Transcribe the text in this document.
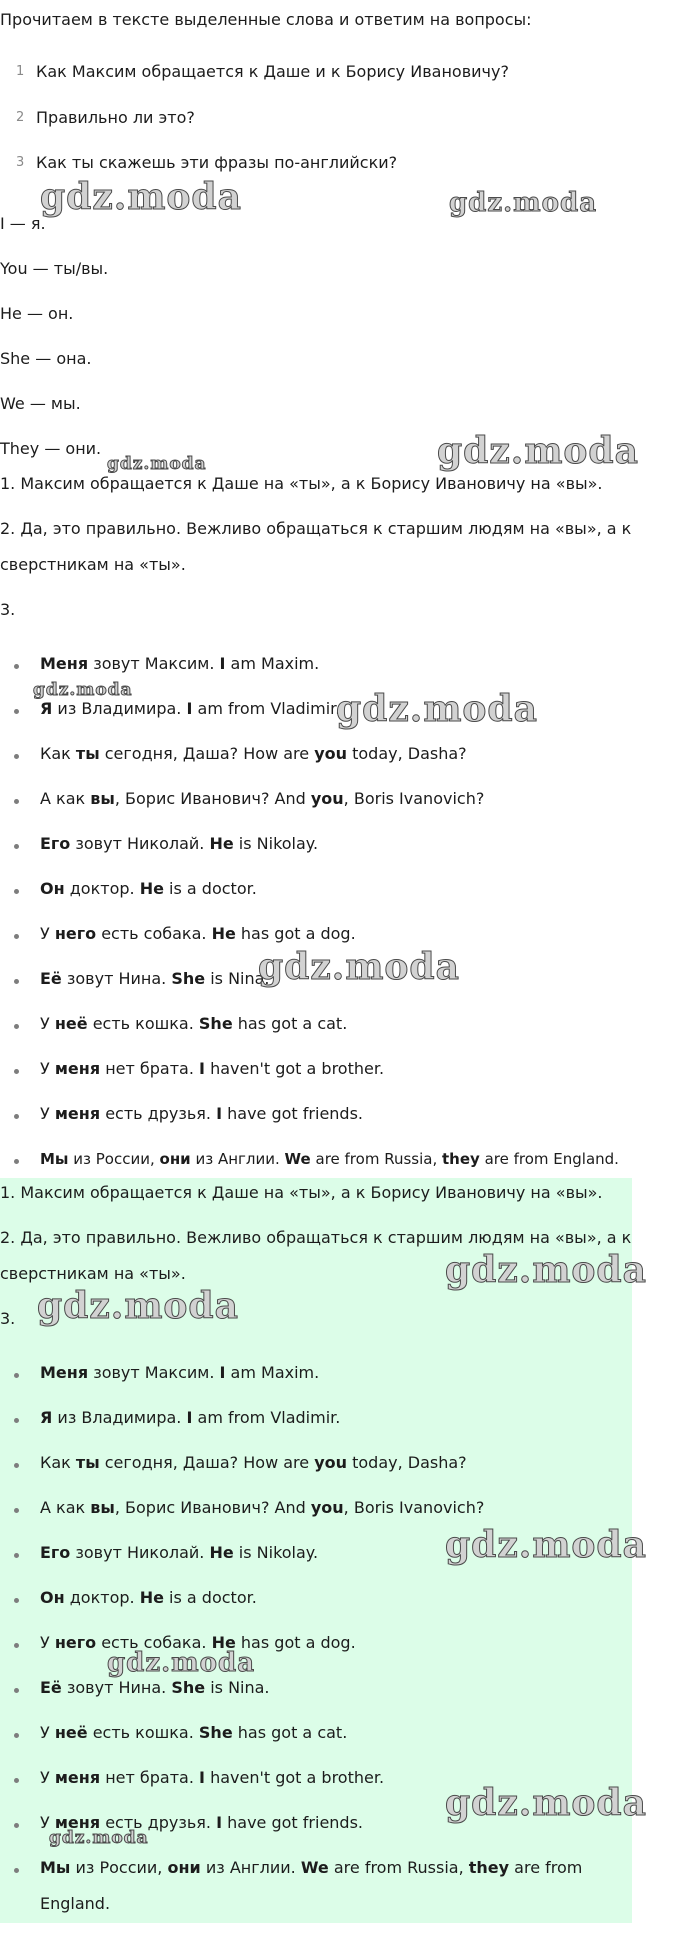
Прочитаем в тексте выделенные слова и ответим на вопросы:
1 Как Максим обращается к Даше и к Борису Ивановичу?
2 Правильно ли это?
3 Как ты скажешь эти фразы по-английски?
I — я.
You — ты/вы.
He — он.
She — она.
We — мы.
They — они.
1. Максим обращается к Даше на «ты», а к Борису Ивановичу на «вы».
2. Да, это правильно. Вежливо обращаться к старшим людям на «вы», а к
сверстникам на «ты».
3.
Меня зовут Максим. I am Maxim.
Я из Владимира. I am from Vladimir.
Как ты сегодня, Даша? How are you today, Dasha?
А как вы, Борис Иванович? And you, Boris Ivanovich?
Его зовут Николай. He is Nikolay.
Он доктор. He is a doctor.
У него есть собака. He has got a dog.
Её зовут Нина. She is Nina.
У неё есть кошка. She has got a cat.
У меня нет брата. I haven't got a brother.
У меня есть друзья. I have got friends.
Мы из России, они из Англии. We are from Russia, they are from England.
1. Максим обращается к Даше на «ты», а к Борису Ивановичу на «вы».
2. Да, это правильно. Вежливо обращаться к старшим людям на «вы», а к
сверстникам на «ты».
3.
Меня зовут Максим. I am Maxim.
Я из Владимира. I am from Vladimir.
Как ты сегодня, Даша? How are you today, Dasha?
А как вы, Борис Иванович? And you, Boris Ivanovich?
Его зовут Николай. He is Nikolay.
Он доктор. He is a doctor.
У него есть собака. He has got a dog.
Её зовут Нина. She is Nina.
У неё есть кошка. She has got a cat.
У меня нет брата. I haven't got a brother.
У меня есть друзья. I have got friends.
Мы из России, они из Англии. We are from Russia, they are from
England.
gdz.moda	gdz.moda
gdz.moda
gdz.moda
gdz.moda	gdz.moda
gdz.moda
gdz.moda
gdz.moda
gdz.moda
gdz.moda
gdz.moda
gdz.moda
